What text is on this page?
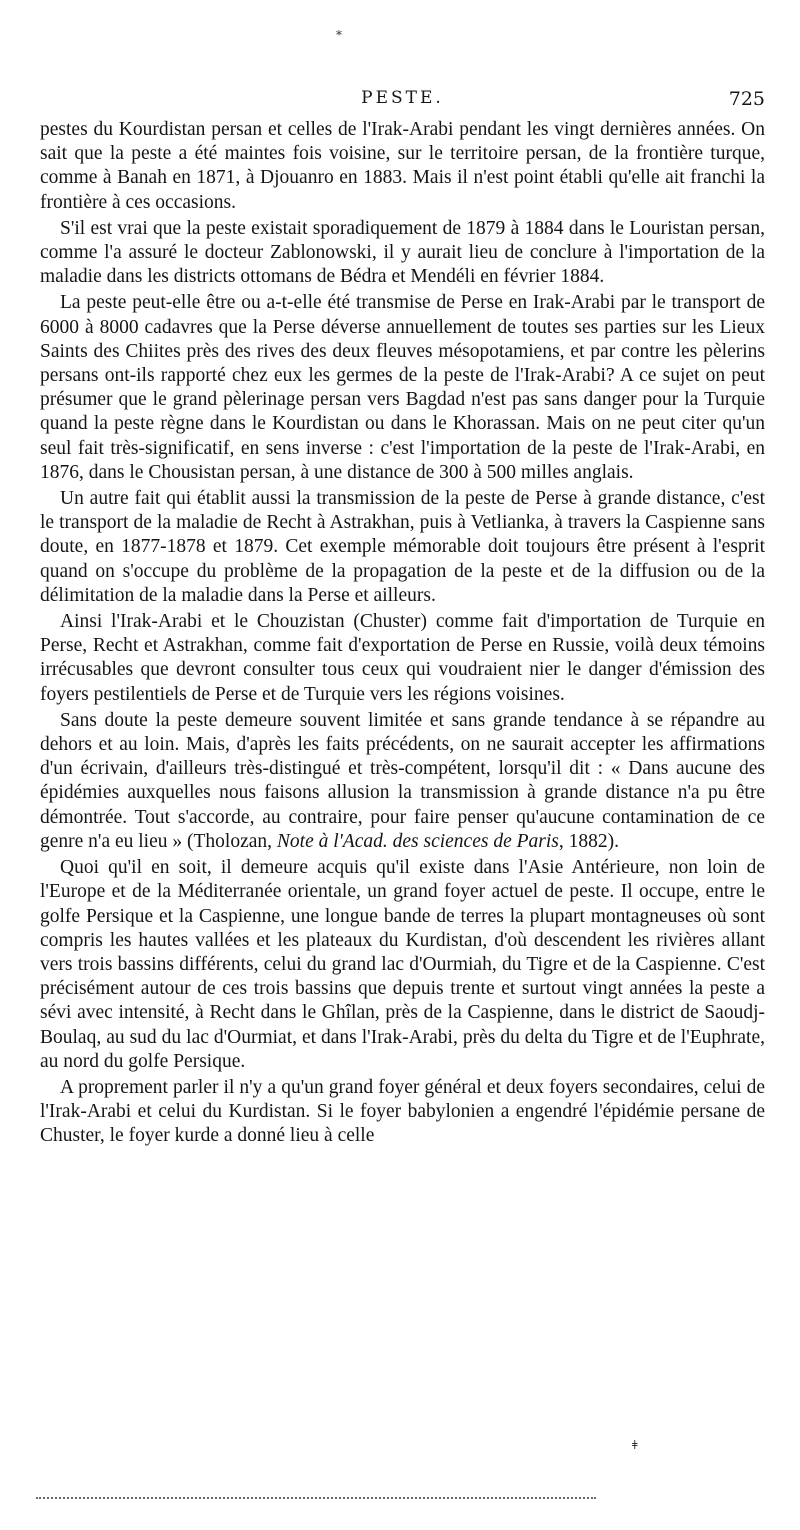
*
PESTE.	725

pestes du Kourdistan persan et celles de l'Irak-Arabi pendant les vingt dernières années. On sait que la peste a été maintes fois voisine, sur le territoire persan, de la frontière turque, comme à Banah en 1871, à Djouanro en 1883. Mais il n'est point établi qu'elle ait franchi la frontière à ces occasions.

S'il est vrai que la peste existait sporadiquement de 1879 à 1884 dans le Louristan persan, comme l'a assuré le docteur Zablonowski, il y aurait lieu de conclure à l'importation de la maladie dans les districts ottomans de Bédra et Mendéli en février 1884.

La peste peut-elle être ou a-t-elle été transmise de Perse en Irak-Arabi par le transport de 6000 à 8000 cadavres que la Perse déverse annuellement de toutes ses parties sur les Lieux Saints des Chiites près des rives des deux fleuves mésopotamiens, et par contre les pèlerins persans ont-ils rapporté chez eux les germes de la peste de l'Irak-Arabi? A ce sujet on peut présumer que le grand pèlerinage persan vers Bagdad n'est pas sans danger pour la Turquie quand la peste règne dans le Kourdistan ou dans le Khorassan. Mais on ne peut citer qu'un seul fait très-significatif, en sens inverse : c'est l'importation de la peste de l'Irak-Arabi, en 1876, dans le Chousistan persan, à une distance de 300 à 500 milles anglais.

Un autre fait qui établit aussi la transmission de la peste de Perse à grande distance, c'est le transport de la maladie de Recht à Astrakhan, puis à Vetlianka, à travers la Caspienne sans doute, en 1877-1878 et 1879. Cet exemple mémorable doit toujours être présent à l'esprit quand on s'occupe du problème de la propagation de la peste et de la diffusion ou de la délimitation de la maladie dans la Perse et ailleurs.

Ainsi l'Irak-Arabi et le Chouzistan (Chuster) comme fait d'importation de Turquie en Perse, Recht et Astrakhan, comme fait d'exportation de Perse en Russie, voilà deux témoins irrécusables que devront consulter tous ceux qui voudraient nier le danger d'émission des foyers pestilentiels de Perse et de Turquie vers les régions voisines.

Sans doute la peste demeure souvent limitée et sans grande tendance à se répandre au dehors et au loin. Mais, d'après les faits précédents, on ne saurait accepter les affirmations d'un écrivain, d'ailleurs très-distingué et très-compétent, lorsqu'il dit : « Dans aucune des épidémies auxquelles nous faisons allusion la transmission à grande distance n'a pu être démontrée. Tout s'accorde, au contraire, pour faire penser qu'aucune contamination de ce genre n'a eu lieu » (Tholozan, Note à l'Acad. des sciences de Paris, 1882).

Quoi qu'il en soit, il demeure acquis qu'il existe dans l'Asie Antérieure, non loin de l'Europe et de la Méditerranée orientale, un grand foyer actuel de peste. Il occupe, entre le golfe Persique et la Caspienne, une longue bande de terres la plupart montagneuses où sont compris les hautes vallées et les plateaux du Kurdistan, d'où descendent les rivières allant vers trois bassins différents, celui du grand lac d'Ourmiah, du Tigre et de la Caspienne. C'est précisément autour de ces trois bassins que depuis trente et surtout vingt années la peste a sévi avec intensité, à Recht dans le Ghîlan, près de la Caspienne, dans le district de Saoudj-Boulaq, au sud du lac d'Ourmiat, et dans l'Irak-Arabi, près du delta du Tigre et de l'Euphrate, au nord du golfe Persique.

A proprement parler il n'y a qu'un grand foyer général et deux foyers secondaires, celui de l'Irak-Arabi et celui du Kurdistan. Si le foyer babylonien a engendré l'épidémie persane de Chuster, le foyer kurde a donné lieu à celle

ǂ
